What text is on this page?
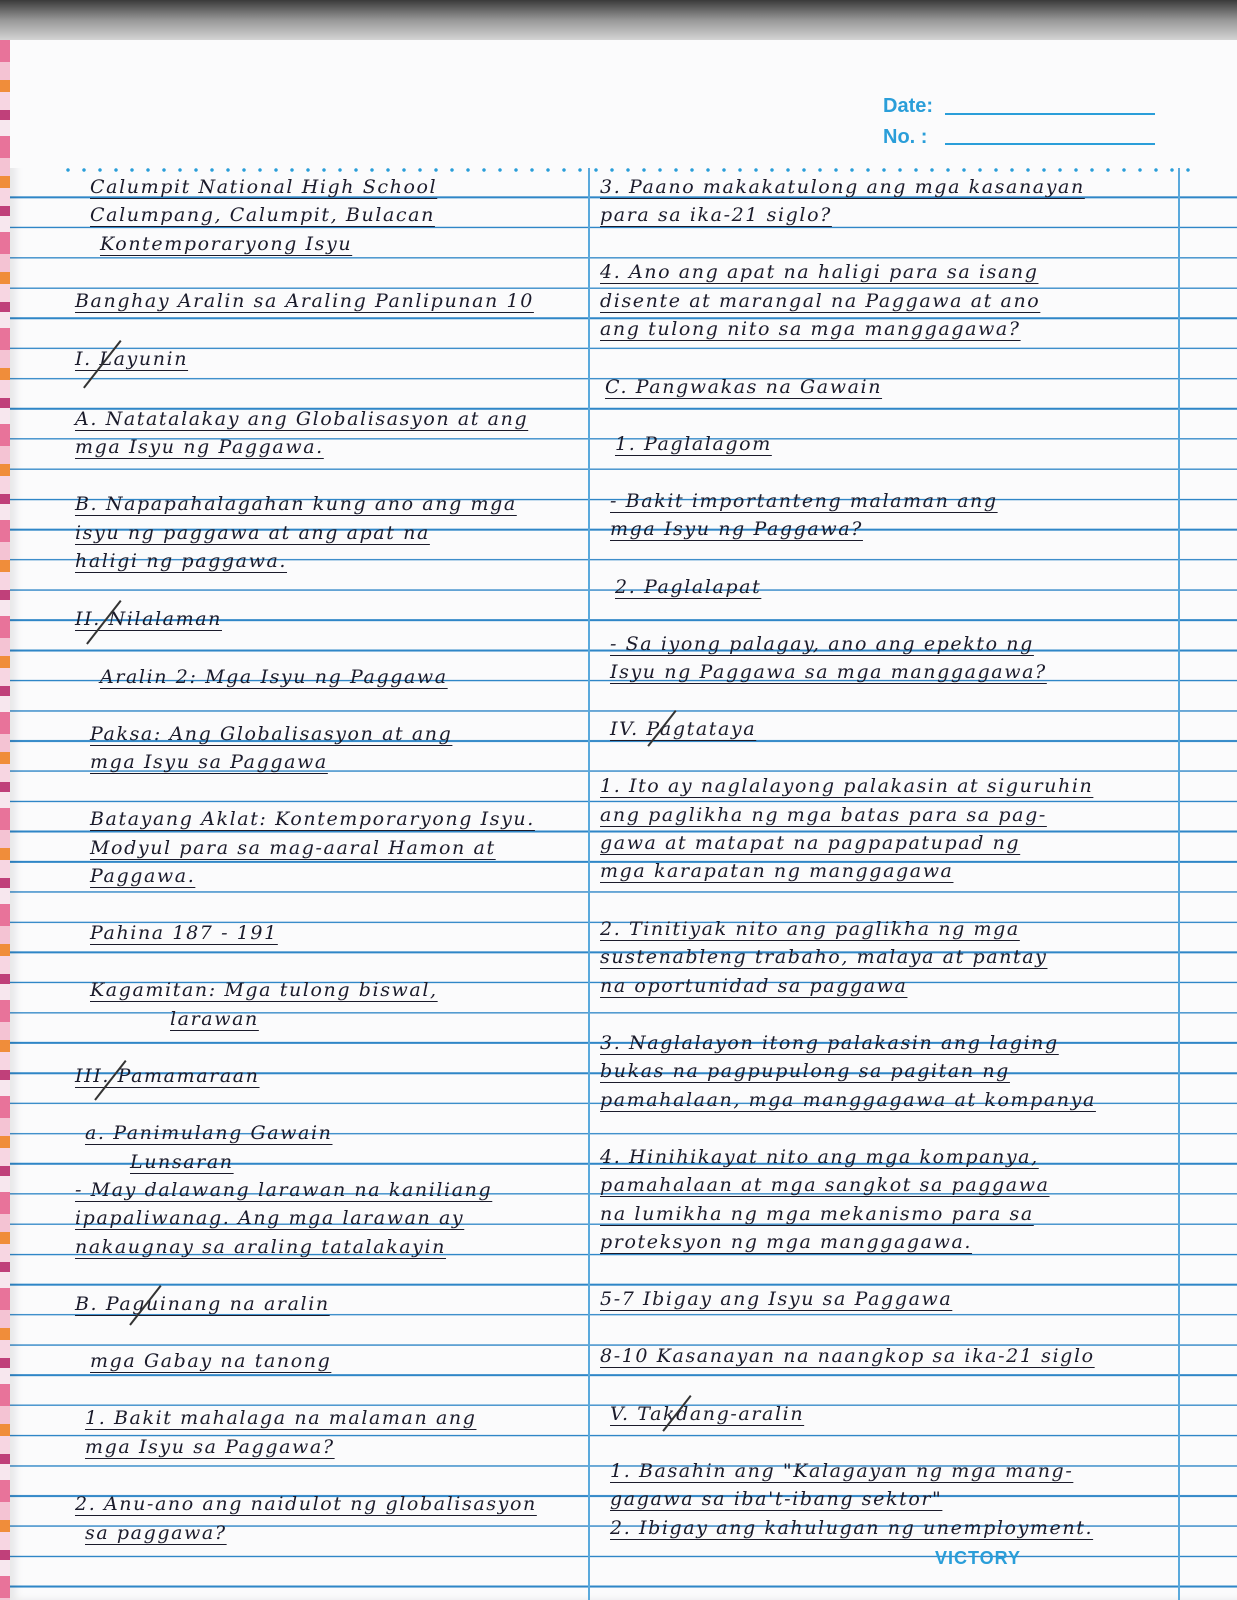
Date:
No. :
Calumpit National High School
Calumpang, Calumpit, Bulacan
Kontemporaryong Isyu
Banghay Aralin sa Araling Panlipunan 10
I. Layunin
A. Natatalakay ang Globalisasyon at ang
mga Isyu ng Paggawa.
B. Napapahalagahan kung ano ang mga
isyu ng paggawa at ang apat na
haligi ng paggawa.
II. Nilalaman
Aralin 2: Mga Isyu ng Paggawa
Paksa: Ang Globalisasyon at ang
mga Isyu sa Paggawa
Batayang Aklat: Kontemporaryong Isyu.
Modyul para sa mag-aaral Hamon at
Paggawa.
Pahina 187 - 191
Kagamitan: Mga tulong biswal,
larawan
III. Pamamaraan
a. Panimulang Gawain
Lunsaran
- May dalawang larawan na kaniliang
ipapaliwanag. Ang mga larawan ay
nakaugnay sa araling tatalakayin
B. Paguinang na aralin
mga Gabay na tanong
1. Bakit mahalaga na malaman ang
mga Isyu sa Paggawa?
2. Anu-ano ang naidulot ng globalisasyon
sa paggawa?
3. Paano makakatulong ang mga kasanayan
para sa ika-21 siglo?
4. Ano ang apat na haligi para sa isang
disente at marangal na Paggawa at ano
ang tulong nito sa mga manggagawa?
C. Pangwakas na Gawain
1. Paglalagom
- Bakit importanteng malaman ang
mga Isyu ng Paggawa?
2. Paglalapat
- Sa iyong palagay, ano ang epekto ng
Isyu ng Paggawa sa mga manggagawa?
IV. Pagtataya
1. Ito ay naglalayong palakasin at siguruhin
ang paglikha ng mga batas para sa pag-
gawa at matapat na pagpapatupad ng
mga karapatan ng manggagawa
2. Tinitiyak nito ang paglikha ng mga
sustenableng trabaho, malaya at pantay
na oportunidad sa paggawa
3. Naglalayon itong palakasin ang laging
bukas na pagpupulong sa pagitan ng
pamahalaan, mga manggagawa at kompanya
4. Hinihikayat nito ang mga kompanya,
pamahalaan at mga sangkot sa paggawa
na lumikha ng mga mekanismo para sa
proteksyon ng mga manggagawa.
5-7 Ibigay ang Isyu sa Paggawa
8-10 Kasanayan na naangkop sa ika-21 siglo
V. Takdang-aralin
1. Basahin ang "Kalagayan ng mga mang-
gagawa sa iba't-ibang sektor"
2. Ibigay ang kahulugan ng unemployment.
VICTORY
